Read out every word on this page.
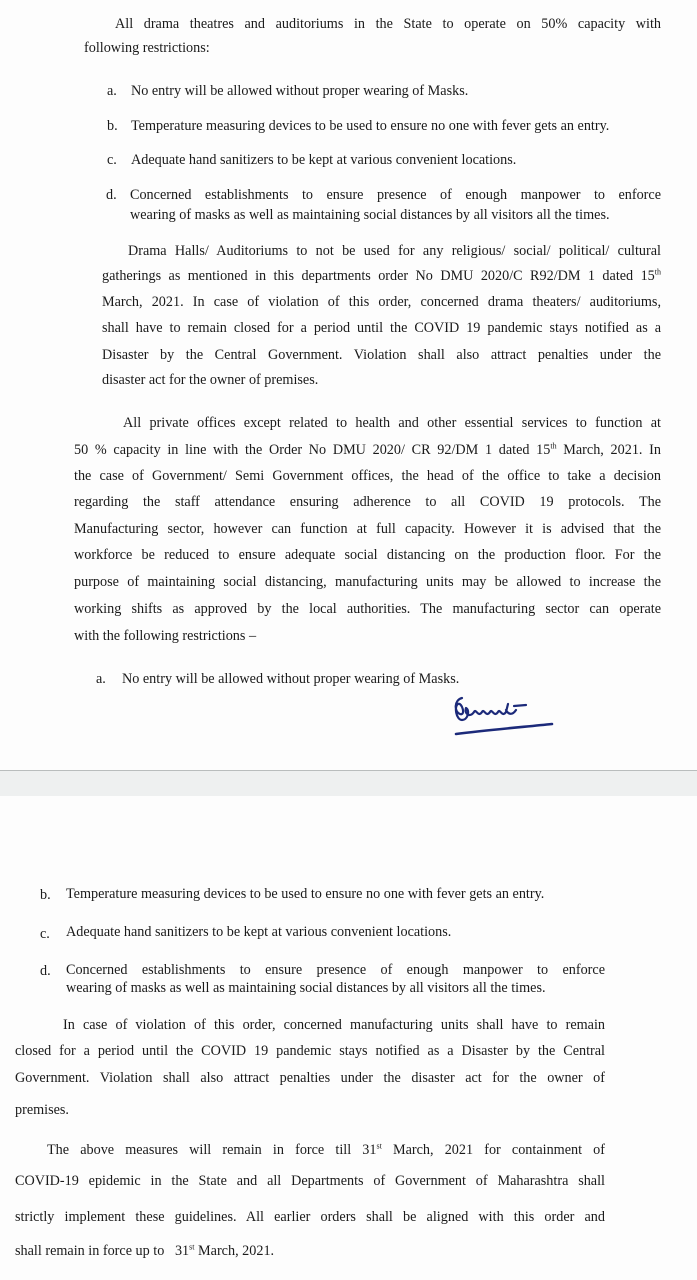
All drama theatres and auditoriums in the State to operate on 50% capacity with
following restrictions:
a. No entry will be allowed without proper wearing of Masks.
b. Temperature measuring devices to be used to ensure no one with fever gets an entry.
c. Adequate hand sanitizers to be kept at various convenient locations.
d. Concerned establishments to ensure presence of enough manpower to enforce
wearing of masks as well as maintaining social distances by all visitors all the times.
Drama Halls/ Auditoriums to not be used for any religious/ social/ political/ cultural
gatherings as mentioned in this departments order No DMU 2020/C R92/DM 1 dated 15th
March, 2021. In case of violation of this order, concerned drama theaters/ auditoriums,
shall have to remain closed for a period until the COVID 19 pandemic stays notified as a
Disaster by the Central Government. Violation shall also attract penalties under the
disaster act for the owner of premises.
All private offices except related to health and other essential services to function at
50 % capacity in line with the Order No DMU 2020/ CR 92/DM 1 dated 15th March, 2021. In
the case of Government/ Semi Government offices, the head of the office to take a decision
regarding the staff attendance ensuring adherence to all COVID 19 protocols. The
Manufacturing sector, however can function at full capacity. However it is advised that the
workforce be reduced to ensure adequate social distancing on the production floor. For the
purpose of maintaining social distancing, manufacturing units may be allowed to increase the
working shifts as approved by the local authorities. The manufacturing sector can operate
with the following restrictions –
a. No entry will be allowed without proper wearing of Masks.
b. Temperature measuring devices to be used to ensure no one with fever gets an entry.
c. Adequate hand sanitizers to be kept at various convenient locations.
d. Concerned establishments to ensure presence of enough manpower to enforce
wearing of masks as well as maintaining social distances by all visitors all the times.
In case of violation of this order, concerned manufacturing units shall have to remain
closed for a period until the COVID 19 pandemic stays notified as a Disaster by the Central
Government. Violation shall also attract penalties under the disaster act for the owner of
premises.
The above measures will remain in force till 31st March, 2021 for containment of
COVID-19 epidemic in the State and all Departments of Government of Maharashtra shall
strictly implement these guidelines. All earlier orders shall be aligned with this order and
shall remain in force up to   31st March, 2021.
